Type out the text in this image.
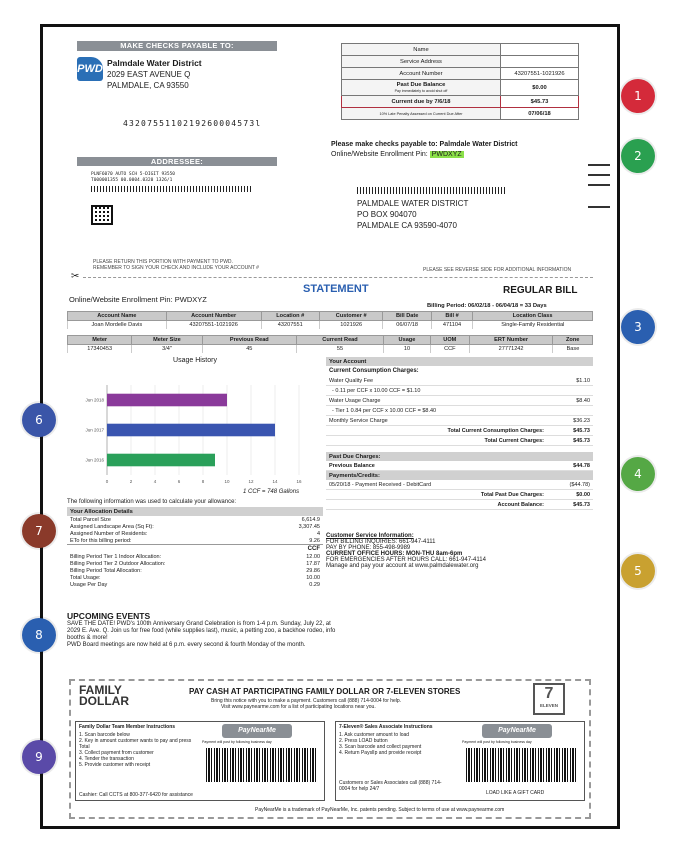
MAKE CHECKS PAYABLE TO:
PWD Palmdale Water District
2029 EAST AVENUE Q
PALMDALE, CA 93550
4320755110219260004573l
ADDRESSEE:
PLNF6070 AUTO SCH 5-DIGIT 93550
T000001355 00.0004.0320 1326/1
Name	
Service Address	
Account Number	43207551-1021926

Past Due Balance
Pay immediately to avoid shut off	$0.00
Current due by 7/6/18	$45.73
10% Late Penalty Assessed on Current Due After	07/06/18
Please make checks payable to: Palmdale Water District
Online/Website Enrollment Pin: PWDXYZ
PALMDALE WATER DISTRICT
PO BOX 904070
PALMDALE CA 93590-4070
PLEASE RETURN THIS PORTION WITH PAYMENT TO PWD.
REMEMBER TO SIGN YOUR CHECK AND INCLUDE YOUR ACCOUNT #	PLEASE SEE REVERSE SIDE FOR ADDITIONAL INFORMATION
✂
Online/Website Enrollment Pin: PWDXYZ
STATEMENT	REGULAR BILL
Billing Period: 06/02/18 - 06/04/18 = 33 Days
Account Name	Account Number	Location #	Customer #	Bill Date	Bill #	Location Class
Joan Mordelle Davis	43207551-1021926	43207551	1021926	06/07/18	471104	Single-Family Residential
Meter	Meter Size	Previous Read	Current Read	Usage	UOM	ERT Number	Zone
17340453	3/4"	45	55	10	CCF	27771242	Base
Usage History
0	2	4	6	8	10	12	14	16
Jun 2018
Jun 2017
Jun 2016
1 CCF = 748 Gallons
Your Account
Current Consumption Charges:
Water Quality Fee	$1.10
- 0.11 per CCF x 10.00 CCF = $1.10
Water Usage Charge	$8.40
- Tier 1 0.84 per CCF x 10.00 CCF = $8.40
Monthly Service Charge	$36.23
Total Current Consumption Charges:	$45.73
Total Current Charges:	$45.73
Past Due Charges:
Previous Balance	$44.78
Payments/Credits:
05/20/18 - Payment Received - DebitCard	($44.78)
Total Past Due Charges:	$0.00
Account Balance:	$45.73
The following information was used to calculate your allowance:
Your Allocation Details
Total Parcel Size	6,614.9
Assigned Landscape Area (Sq Ft):	3,307.45
Assigned Number of Residents:	4
ETo for this billing period:	9.26
CCF
Billing Period Tier 1 Indoor Allocation:	12.00
Billing Period Tier 2 Outdoor Allocation:	17.87
Billing Period Total Allocation:	29.86
Total Usage:	10.00
Usage Per Day	0.29
Customer Service Information:
FOR BILLING INQUIRIES: 661-947-4111
PAY BY PHONE: 855-498-9989
CURRENT OFFICE HOURS: MON-THU 8am-6pm
FOR EMERGENCIES AFTER HOURS CALL: 661-947-4114
Manage and pay your account at www.palmdalewater.org
UPCOMING EVENTS
SAVE THE DATE! PWD's 100th Anniversary Grand Celebration is from 1-4 p.m. Sunday, July 22, at 2029 E. Ave. Q. Join us for free food (while supplies last), music, a petting zoo, a backhoe rodeo, info booths & more!
PWD Board meetings are now held at 6 p.m. every second & fourth Monday of the month.
FAMILY
DOLLAR
PAY CASH AT PARTICIPATING FAMILY DOLLAR OR 7-ELEVEN STORES
Bring this notice with you to make a payment. Customers call (888) 714-0004 for help.
Visit www.paynearme.com for a list of participating locations near you.
7
ELEVEN
Family Dollar Team Member Instructions
1. Scan barcode below
2. Key in amount customer wants to pay and press Total
3. Collect payment from customer
4. Tender the transaction
5. Provide customer with receipt
Cashier: Call CCTS at 800-377-6420 for assistance
PayNearMe
Payment will post by following business day
7-Eleven® Sales Associate Instructions
1. Ask customer amount to load
2. Press LOAD button
3. Scan barcode and collect payment
4. Return PayslIp and provide receipt
Customers or Sales Associates call (888) 714-0004 for help 24/7
PayNearMe
Payment will post by following business day
LOAD LIKE A GIFT CARD
PayNearMe is a trademark of PayNearMe, Inc. patents pending. Subject to terms of use at www.paynearme.com
1
2
3
4
5
6
7
8
9
